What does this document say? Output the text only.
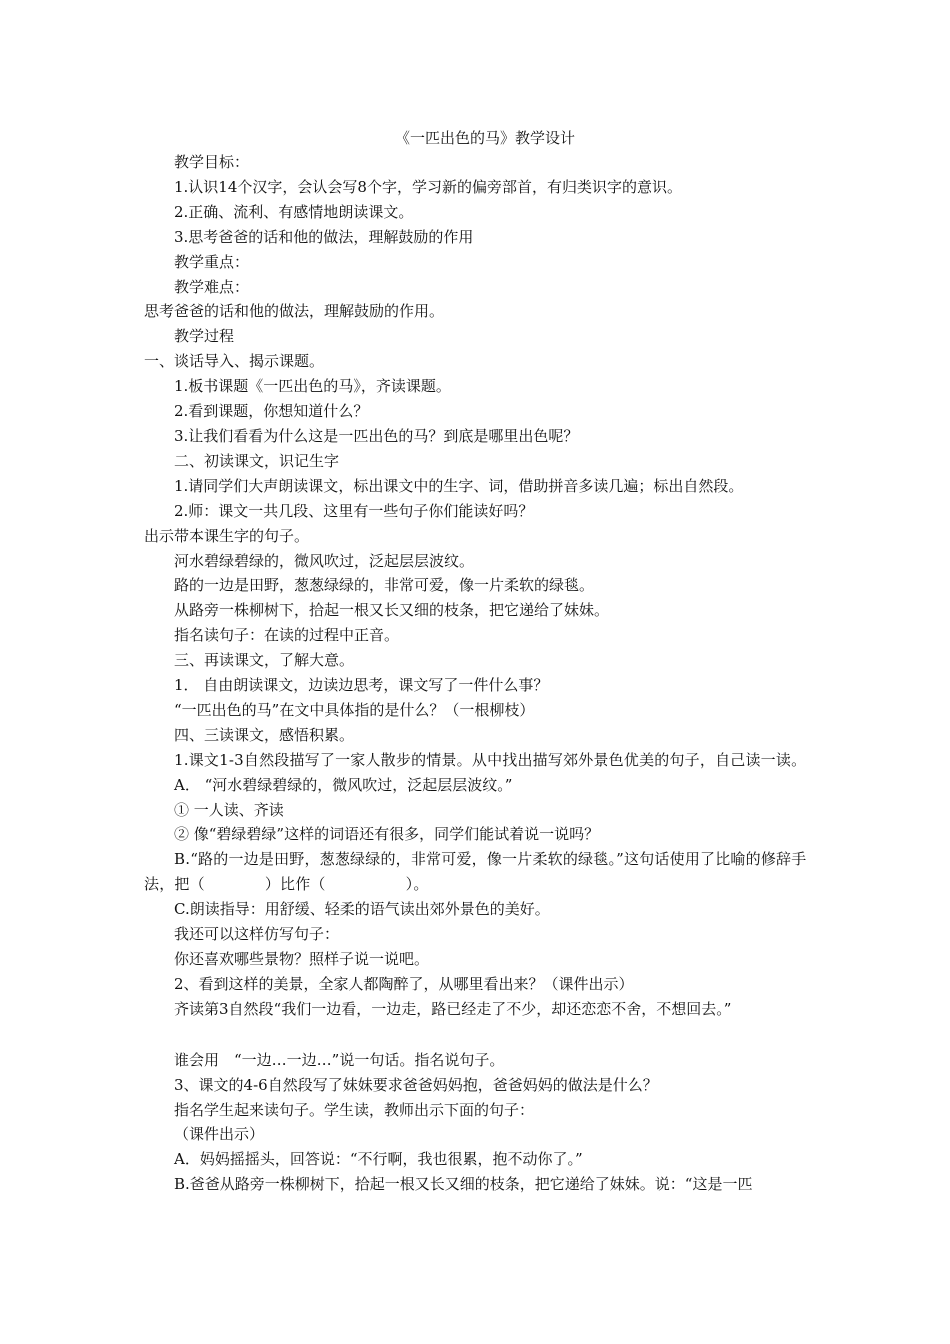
《一匹出色的马》教学设计

教学目标：

1.认识14个汉字，会认会写8个字，学习新的偏旁部首，有归类识字的意识。

2.正确、流利、有感情地朗读课文。

3.思考爸爸的话和他的做法，理解鼓励的作用

教学重点：

教学难点：

思考爸爸的话和他的做法，理解鼓励的作用。

教学过程

一、谈话导入、揭示课题。

1.板书课题《一匹出色的马》，齐读课题。

2.看到课题，你想知道什么？

3.让我们看看为什么这是一匹出色的马？到底是哪里出色呢？

二、初读课文，识记生字

1.请同学们大声朗读课文，标出课文中的生字、词，借助拼音多读几遍；标出自然段。

2.师：课文一共几段、这里有一些句子你们能读好吗？

出示带本课生字的句子。

河水碧绿碧绿的，微风吹过，泛起层层波纹。

路的一边是田野，葱葱绿绿的，非常可爱，像一片柔软的绿毯。

从路旁一株柳树下，拾起一根又长又细的枝条，把它递给了妹妹。

指名读句子：在读的过程中正音。

三、再读课文，了解大意。

1． 自由朗读课文，边读边思考，课文写了一件什么事？

“一匹出色的马”在文中具体指的是什么？（一根柳枝）

四、三读课文，感悟积累。

1.课文1-3自然段描写了一家人散步的情景。从中找出描写郊外景色优美的句子，自己读一读。

A． “河水碧绿碧绿的，微风吹过，泛起层层波纹。”

① 一人读、齐读

② 像“碧绿碧绿”这样的词语还有很多，同学们能试着说一说吗？

B.“路的一边是田野，葱葱绿绿的，非常可爱，像一片柔软的绿毯。”这句话使用了比喻的修辞手法，把（	）比作（	）。

C.朗读指导：用舒缓、轻柔的语气读出郊外景色的美好。

我还可以这样仿写句子：

你还喜欢哪些景物？照样子说一说吧。

2、看到这样的美景，全家人都陶醉了，从哪里看出来？（课件出示）

齐读第3自然段“我们一边看，一边走，路已经走了不少，却还恋恋不舍，不想回去。”

谁会用　“一边…一边…”说一句话。指名说句子。

3、课文的4-6自然段写了妹妹要求爸爸妈妈抱，爸爸妈妈的做法是什么？

指名学生起来读句子。学生读，教师出示下面的句子：

（课件出示）

A．妈妈摇摇头，回答说：“不行啊，我也很累，抱不动你了。”

B.爸爸从路旁一株柳树下，拾起一根又长又细的枝条，把它递给了妹妹。说：“这是一匹
